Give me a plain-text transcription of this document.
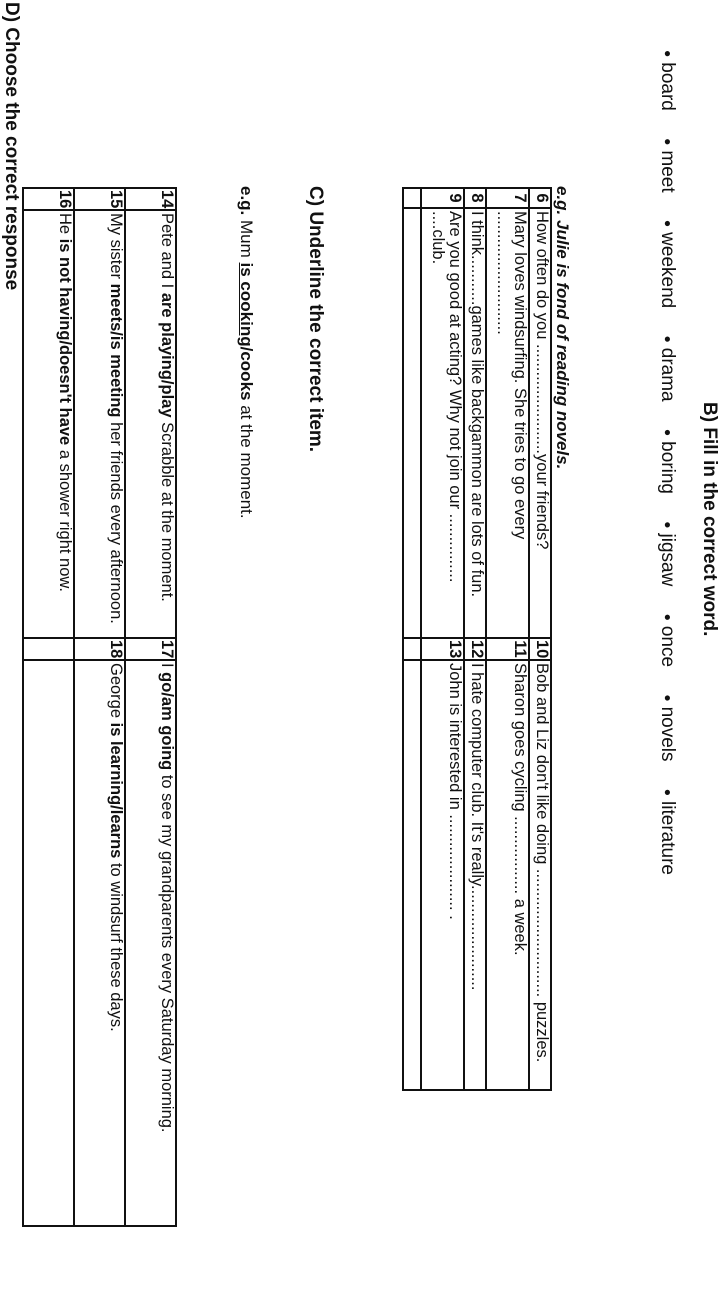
B) Fill in the correct word.
● board ● meet ● weekend ● drama ● boring ● jigsaw ● once ● novels ● literature
e.g. Julie is fond of reading novels.
6	How often do you ........................your friends?	10	Bob and Liz don't like doing ............................ puzzles.
7	Mary loves windsurfing. She tries to go every ...........................	11	Sharon goes cycling ................. a week.
8	I think...........games like backgammon are lots of fun.	12	I hate computer club. It's really.......................
9	Are you good at acting? Why not join our ............... ....club.	13	John is interested in ..................... .

C) Underline the correct item.
e.g. Mum is cooking/cooks at the moment.
14	Pete and I are playing/play Scrabble at the moment.	17	I go/am going to see my grandparents every Saturday morning.
15	My sister meets/is meeting her friends every afternoon.	18	George is learning/learns to windsurf these days.
16	He is not having/doesn't have a shower right now.		
D) Choose the correct response
